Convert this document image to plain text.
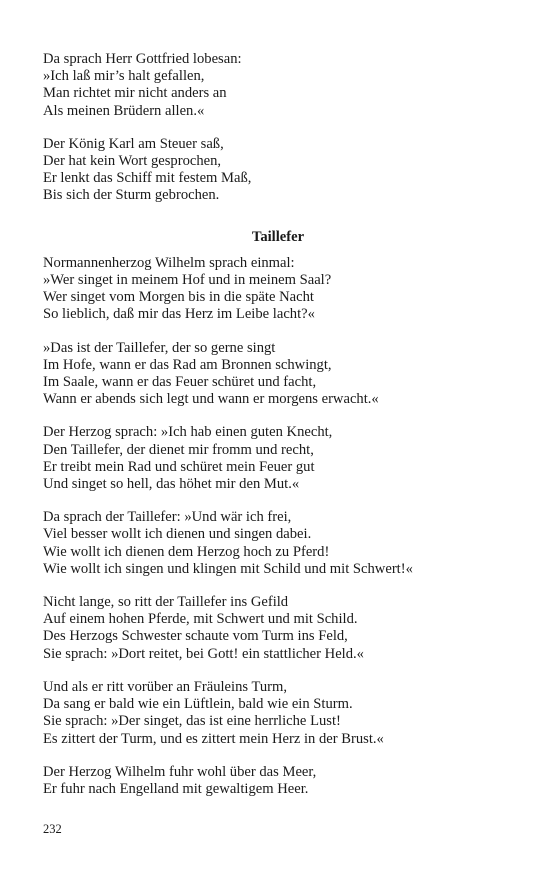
Da sprach Herr Gottfried lobesan:
»Ich laß mir’s halt gefallen,
Man richtet mir nicht anders an
Als meinen Brüdern allen.«
Der König Karl am Steuer saß,
Der hat kein Wort gesprochen,
Er lenkt das Schiff mit festem Maß,
Bis sich der Sturm gebrochen.
Taillefer
Normannenherzog Wilhelm sprach einmal:
»Wer singet in meinem Hof und in meinem Saal?
Wer singet vom Morgen bis in die späte Nacht
So lieblich, daß mir das Herz im Leibe lacht?«
»Das ist der Taillefer, der so gerne singt
Im Hofe, wann er das Rad am Bronnen schwingt,
Im Saale, wann er das Feuer schüret und facht,
Wann er abends sich legt und wann er morgens erwacht.«
Der Herzog sprach: »Ich hab einen guten Knecht,
Den Taillefer, der dienet mir fromm und recht,
Er treibt mein Rad und schüret mein Feuer gut
Und singet so hell, das höhet mir den Mut.«
Da sprach der Taillefer: »Und wär ich frei,
Viel besser wollt ich dienen und singen dabei.
Wie wollt ich dienen dem Herzog hoch zu Pferd!
Wie wollt ich singen und klingen mit Schild und mit Schwert!«
Nicht lange, so ritt der Taillefer ins Gefild
Auf einem hohen Pferde, mit Schwert und mit Schild.
Des Herzogs Schwester schaute vom Turm ins Feld,
Sie sprach: »Dort reitet, bei Gott! ein stattlicher Held.«
Und als er ritt vorüber an Fräuleins Turm,
Da sang er bald wie ein Lüftlein, bald wie ein Sturm.
Sie sprach: »Der singet, das ist eine herrliche Lust!
Es zittert der Turm, und es zittert mein Herz in der Brust.«
Der Herzog Wilhelm fuhr wohl über das Meer,
Er fuhr nach Engelland mit gewaltigem Heer.
232
